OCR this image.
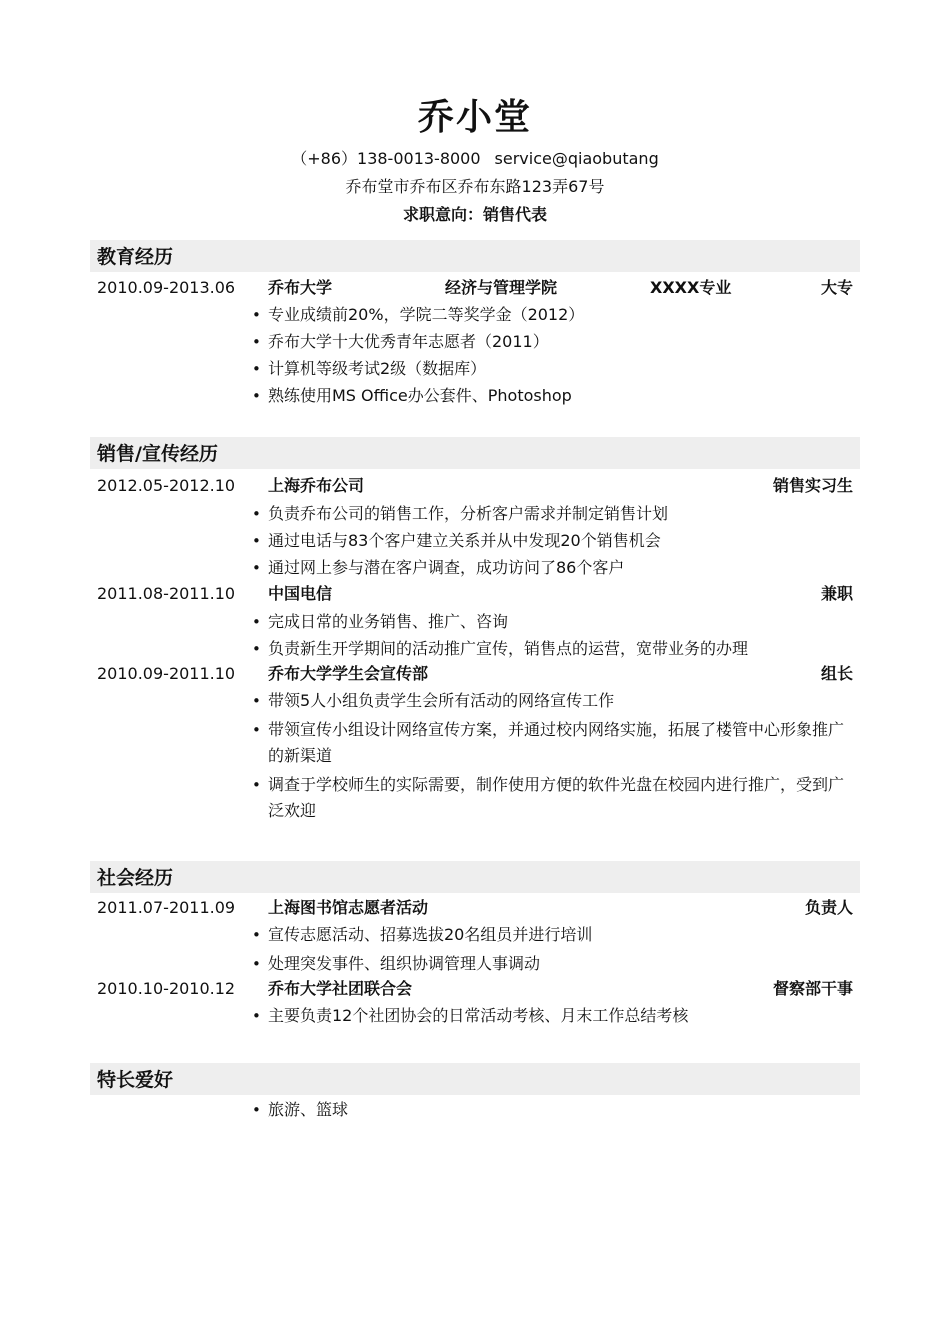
乔小堂
（+86）138-0013-8000 service@qiaobutang
乔布堂市乔布区乔布东路123弄67号
求职意向：销售代表
教育经历
2010.09-2013.06 乔布大学	经济与管理学院	XXXX专业	大专
• 专业成绩前20%，学院二等奖学金（2012）
• 乔布大学十大优秀青年志愿者（2011）
• 计算机等级考试2级（数据库）
• 熟练使用MS Office办公套件、Photoshop
销售/宣传经历
2012.05-2012.10 上海乔布公司	销售实习生
• 负责乔布公司的销售工作，分析客户需求并制定销售计划
• 通过电话与83个客户建立关系并从中发现20个销售机会
• 通过网上参与潜在客户调查，成功访问了86个客户
2011.08-2011.10 中国电信	兼职
• 完成日常的业务销售、推广、咨询
• 负责新生开学期间的活动推广宣传，销售点的运营，宽带业务的办理
2010.09-2011.10 乔布大学学生会宣传部	组长
• 带领5人小组负责学生会所有活动的网络宣传工作
• 带领宣传小组设计网络宣传方案，并通过校内网络实施，拓展了楼管中心形象推广的新渠道
• 调查于学校师生的实际需要，制作使用方便的软件光盘在校园内进行推广，受到广泛欢迎
社会经历
2011.07-2011.09 上海图书馆志愿者活动	负责人
• 宣传志愿活动、招募选拔20名组员并进行培训
• 处理突发事件、组织协调管理人事调动
2010.10-2010.12 乔布大学社团联合会	督察部干事
• 主要负责12个社团协会的日常活动考核、月末工作总结考核
特长爱好
• 旅游、篮球
